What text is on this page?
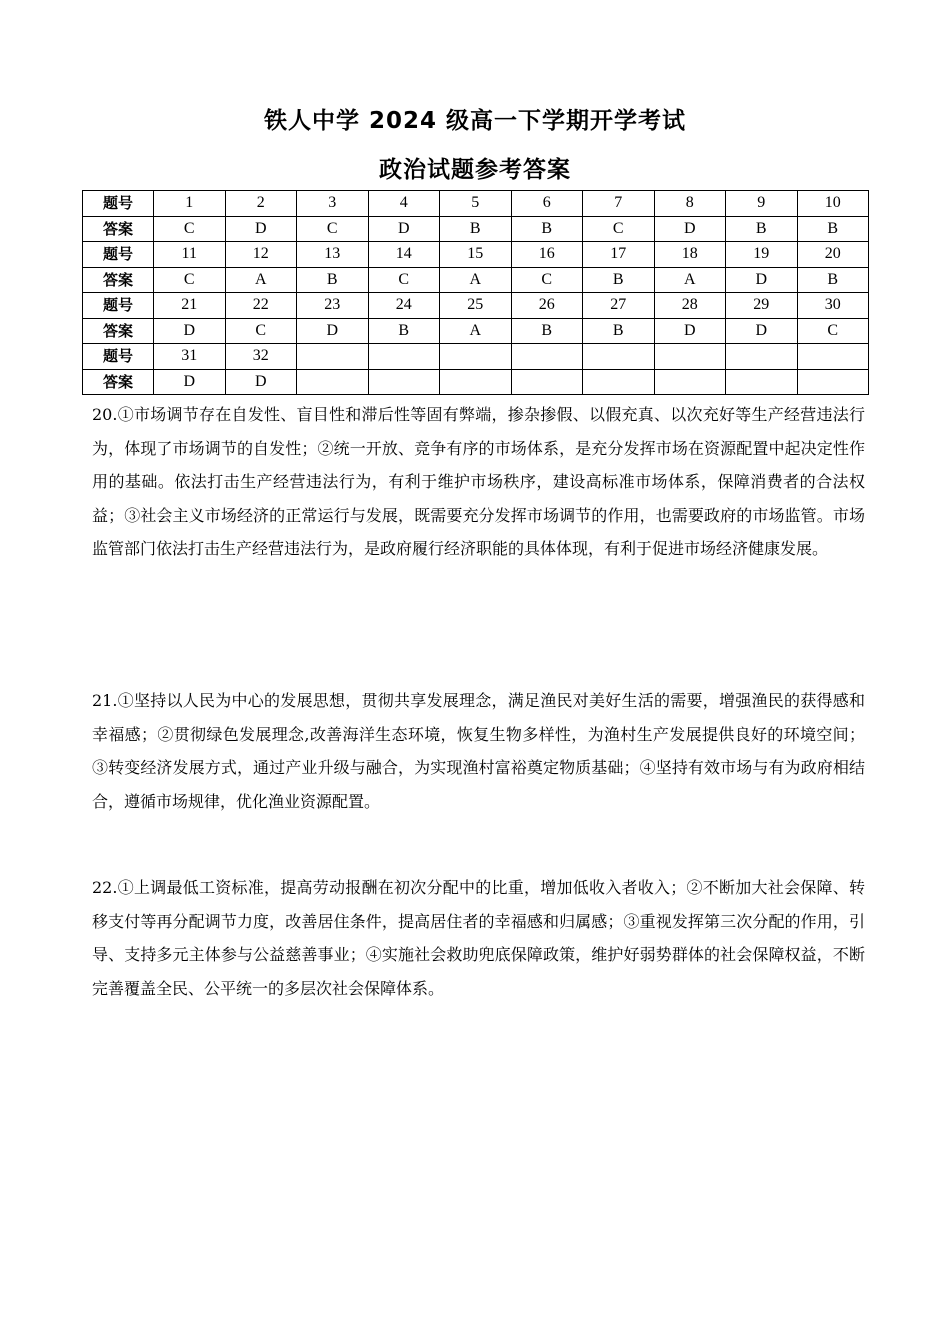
铁人中学 2024 级高一下学期开学考试
政治试题参考答案
题号	1	2	3	4	5	6	7	8	9	10
答案	C	D	C	D	B	B	C	D	B	B
题号	11	12	13	14	15	16	17	18	19	20
答案	C	A	B	C	A	C	B	A	D	B
题号	21	22	23	24	25	26	27	28	29	30
答案	D	C	D	B	A	B	B	D	D	C
题号	31	32								
答案	D	D								
20.①市场调节存在自发性、盲目性和滞后性等固有弊端，掺杂掺假、以假充真、以次充好等生产经营违法行为，体现了市场调节的自发性；②统一开放、竞争有序的市场体系，是充分发挥市场在资源配置中起决定性作用的基础。依法打击生产经营违法行为，有利于维护市场秩序，建设高标准市场体系，保障消费者的合法权益；③社会主义市场经济的正常运行与发展，既需要充分发挥市场调节的作用，也需要政府的市场监管。市场监管部门依法打击生产经营违法行为，是政府履行经济职能的具体体现，有利于促进市场经济健康发展。
21.①坚持以人民为中心的发展思想，贯彻共享发展理念，满足渔民对美好生活的需要，增强渔民的获得感和幸福感；②贯彻绿色发展理念,改善海洋生态环境，恢复生物多样性，为渔村生产发展提供良好的环境空间；③转变经济发展方式，通过产业升级与融合，为实现渔村富裕奠定物质基础；④坚持有效市场与有为政府相结合，遵循市场规律，优化渔业资源配置。
22.①上调最低工资标准，提高劳动报酬在初次分配中的比重，增加低收入者收入；②不断加大社会保障、转移支付等再分配调节力度，改善居住条件，提高居住者的幸福感和归属感；③重视发挥第三次分配的作用，引导、支持多元主体参与公益慈善事业；④实施社会救助兜底保障政策，维护好弱势群体的社会保障权益，不断完善覆盖全民、公平统一的多层次社会保障体系。
